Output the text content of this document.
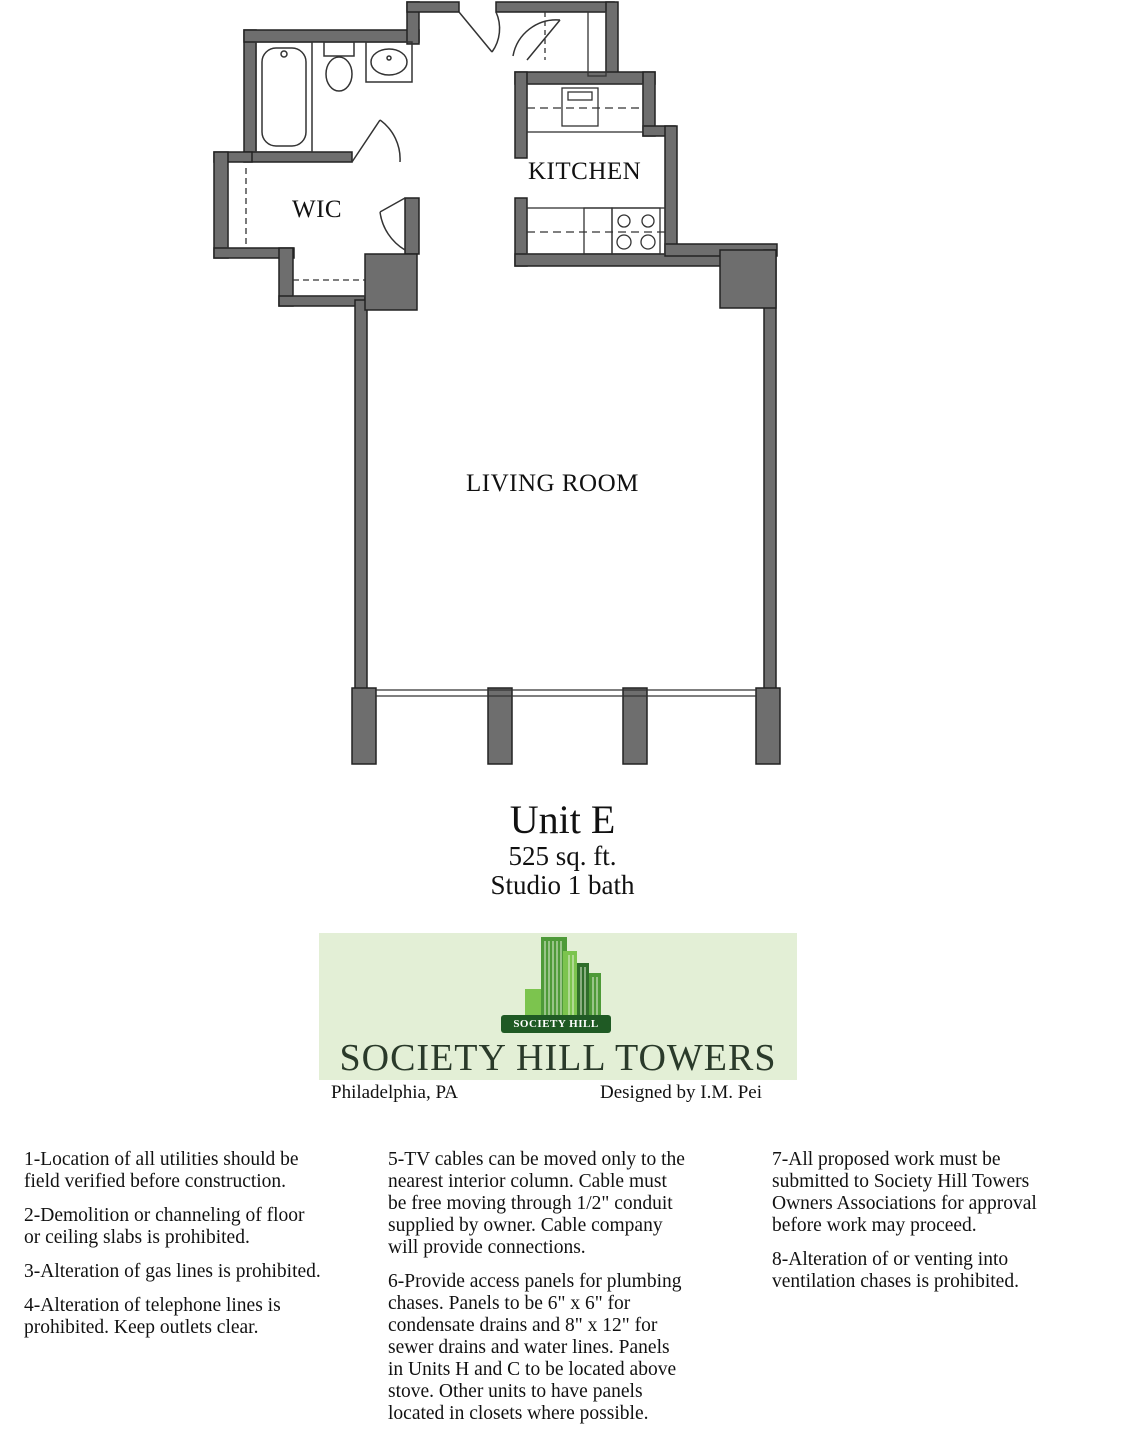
WIC
KITCHEN
LIVING ROOM
Unit E
525 sq. ft.
Studio 1 bath
SOCIETY HILL
SOCIETY HILL TOWERS
Philadelphia, PA	Designed by I.M. Pei

1-Location of all utilities should be
field verified before construction.

2-Demolition or channeling of floor
or ceiling slabs is prohibited.

3-Alteration of gas lines is prohibited.

4-Alteration of telephone lines is
prohibited. Keep outlets clear.

5-TV cables can be moved only to the
nearest interior column. Cable must
be free moving through 1/2" conduit
supplied by owner. Cable company
will provide connections.

6-Provide access panels for plumbing
chases. Panels to be 6" x 6" for
condensate drains and 8" x 12" for
sewer drains and water lines. Panels
in Units H and C to be located above
stove. Other units to have panels
located in closets where possible.

7-All proposed work must be
submitted to Society Hill Towers
Owners Associations for approval
before work may proceed.

8-Alteration of or venting into
ventilation chases is prohibited.
